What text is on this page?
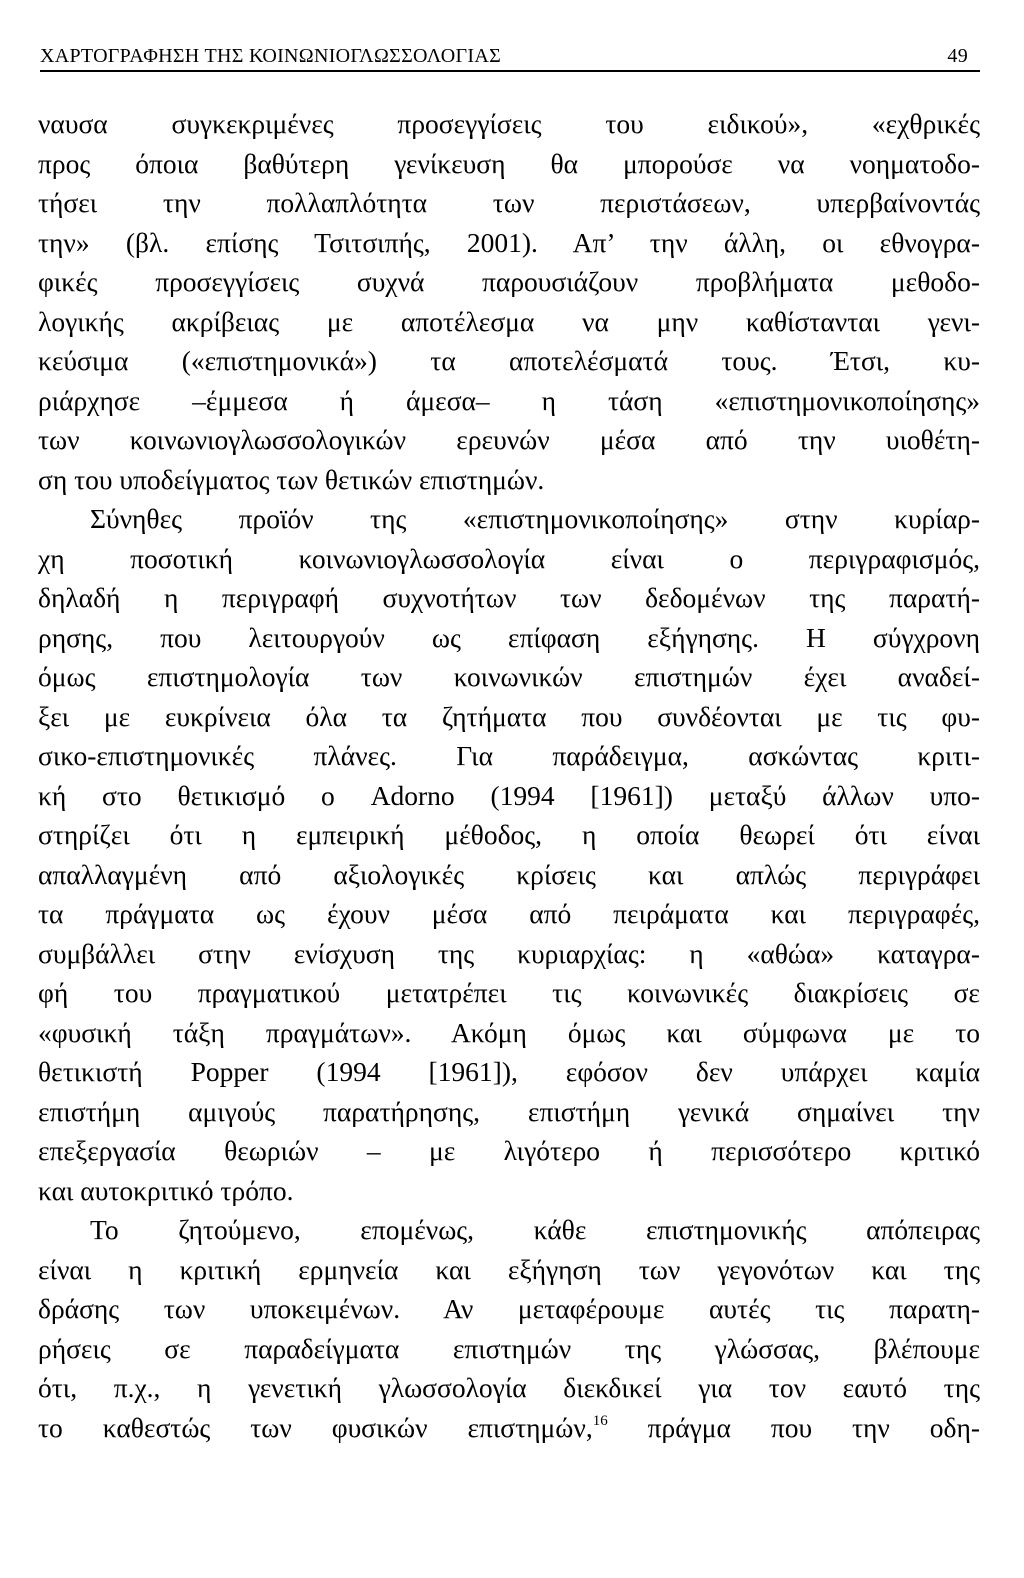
ΧΑΡΤΟΓΡΑΦΗΣΗ ΤΗΣ ΚΟΙΝΩΝΙΟΓΛΩΣΣΟΛΟΓΙΑΣ	49
ναυσα συγκεκριμένες προσεγγίσεις του ειδικού», «εχθρικές
προς όποια βαθύτερη γενίκευση θα μπορούσε να νοηματοδο-
τήσει την πολλαπλότητα των περιστάσεων, υπερβαίνοντάς
την» (βλ. επίσης Τσιτσιπής, 2001). Απ’ την άλλη, οι εθνογρα-
φικές προσεγγίσεις συχνά παρουσιάζουν προβλήματα μεθοδο-
λογικής ακρίβειας με αποτέλεσμα να μην καθίστανται γενι-
κεύσιμα («επιστημονικά») τα αποτελέσματά τους. Έτσι, κυ-
ριάρχησε –έμμεσα ή άμεσα– η τάση «επιστημονικοποίησης»
των κοινωνιογλωσσολογικών ερευνών μέσα από την υιοθέτη-
ση του υποδείγματος των θετικών επιστημών.
Σύνηθες προϊόν της «επιστημονικοποίησης» στην κυρίαρ-
χη ποσοτική κοινωνιογλωσσολογία είναι ο περιγραφισμός,
δηλαδή η περιγραφή συχνοτήτων των δεδομένων της παρατή-
ρησης, που λειτουργούν ως επίφαση εξήγησης. Η σύγχρονη
όμως επιστημολογία των κοινωνικών επιστημών έχει αναδεί-
ξει με ευκρίνεια όλα τα ζητήματα που συνδέονται με τις φυ-
σικο-επιστημονικές πλάνες. Για παράδειγμα, ασκώντας κριτι-
κή στο θετικισμό ο Adorno (1994 [1961]) μεταξύ άλλων υπο-
στηρίζει ότι η εμπειρική μέθοδος, η οποία θεωρεί ότι είναι
απαλλαγμένη από αξιολογικές κρίσεις και απλώς περιγράφει
τα πράγματα ως έχουν μέσα από πειράματα και περιγραφές,
συμβάλλει στην ενίσχυση της κυριαρχίας: η «αθώα» καταγρα-
φή του πραγματικού μετατρέπει τις κοινωνικές διακρίσεις σε
«φυσική τάξη πραγμάτων». Ακόμη όμως και σύμφωνα με το
θετικιστή Popper (1994 [1961]), εφόσον δεν υπάρχει καμία
επιστήμη αμιγούς παρατήρησης, επιστήμη γενικά σημαίνει την
επεξεργασία θεωριών – με λιγότερο ή περισσότερο κριτικό
και αυτοκριτικό τρόπο.
Το ζητούμενο, επομένως, κάθε επιστημονικής απόπειρας
είναι η κριτική ερμηνεία και εξήγηση των γεγονότων και της
δράσης των υποκειμένων. Αν μεταφέρουμε αυτές τις παρατη-
ρήσεις σε παραδείγματα επιστημών της γλώσσας, βλέπουμε
ότι, π.χ., η γενετική γλωσσολογία διεκδικεί για τον εαυτό της
το καθεστώς των φυσικών επιστημών,$^{16}$ πράγμα που την οδη-
